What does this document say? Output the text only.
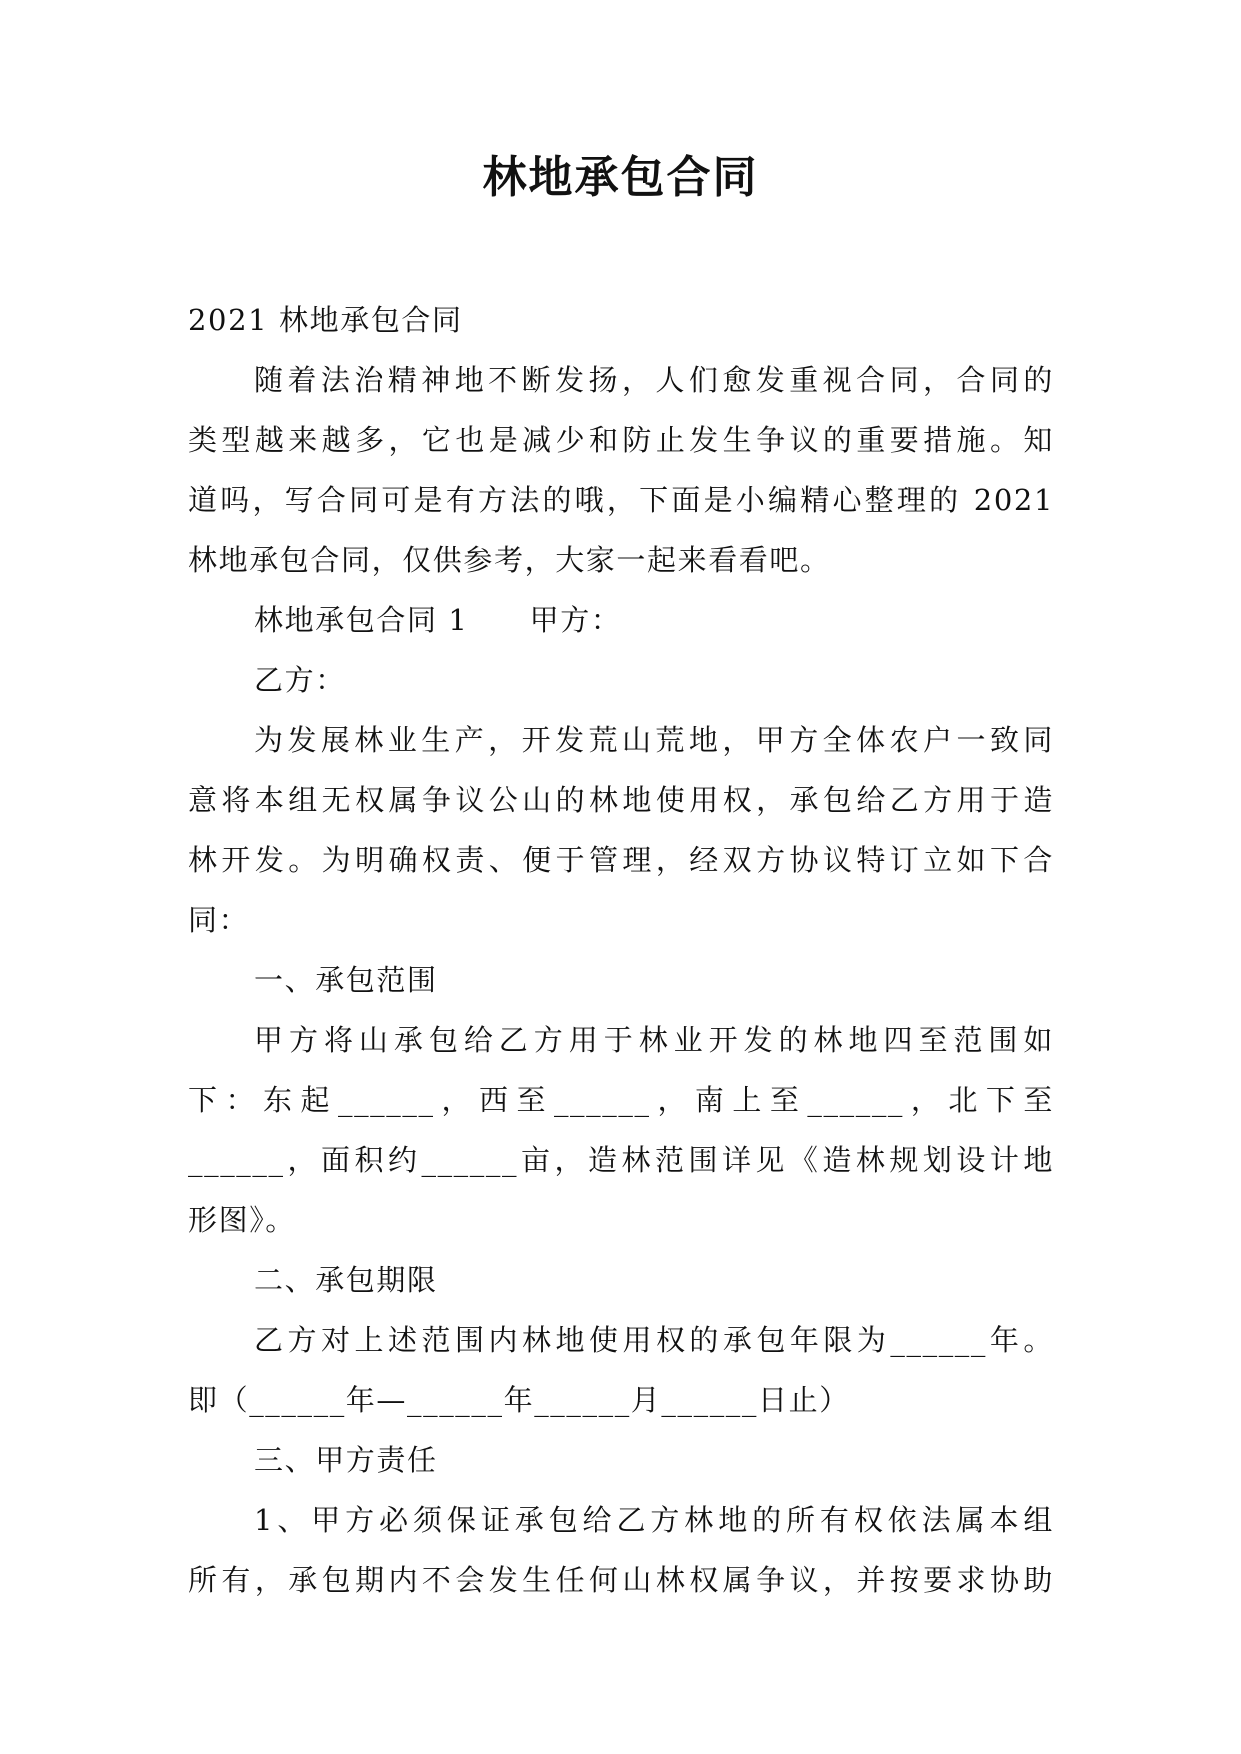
林地承包合同
2021 林地承包合同
随着法治精神地不断发扬，人们愈发重视合同，合同的
类型越来越多，它也是减少和防止发生争议的重要措施。知
道吗，写合同可是有方法的哦，下面是小编精心整理的 2021
林地承包合同，仅供参考，大家一起来看看吧。
林地承包合同 1　　甲方：
乙方：
为发展林业生产，开发荒山荒地，甲方全体农户一致同
意将本组无权属争议公山的林地使用权，承包给乙方用于造
林开发。为明确权责、便于管理，经双方协议特订立如下合
同：
一、承包范围
甲方将山承包给乙方用于林业开发的林地四至范围如
下：东起______，西至______，南上至______，北下至
______，面积约______亩，造林范围详见《造林规划设计地
形图》。
二、承包期限
乙方对上述范围内林地使用权的承包年限为______年。
即（______年—______年______月______日止）
三、甲方责任
1、甲方必须保证承包给乙方林地的所有权依法属本组
所有，承包期内不会发生任何山林权属争议，并按要求协助
